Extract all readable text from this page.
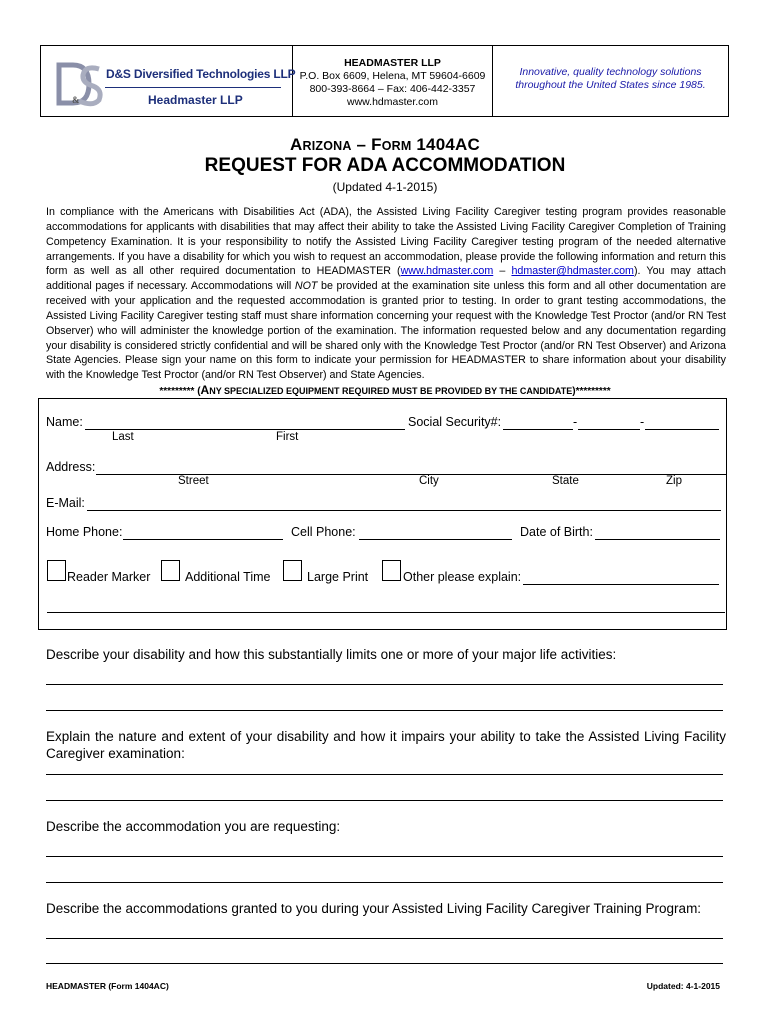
&
D&S Diversified Technologies LLP
Headmaster LLP
HEADMASTER LLP
P.O. Box 6609, Helena, MT 59604-6609
800-393-8664 – Fax: 406-442-3357
www.hdmaster.com
Innovative, quality technology solutions
throughout the United States since 1985.
ARIZONA – FORM 1404AC
REQUEST FOR ADA ACCOMMODATION
(Updated 4-1-2015)

In compliance with the Americans with Disabilities Act (ADA), the Assisted Living Facility Caregiver testing program provides reasonable accommodations for applicants with disabilities that may affect their ability to take the Assisted Living Facility Caregiver Completion of Training Competency Examination. It is your responsibility to notify the Assisted Living Facility Caregiver testing program of the needed alternative arrangements. If you have a disability for which you wish to request an accommodation, please provide the following information and return this form as well as all other required documentation to HEADMASTER (www.hdmaster.com – hdmaster@hdmaster.com). You may attach additional pages if necessary. Accommodations will NOT be provided at the examination site unless this form and all other documentation are received with your application and the requested accommodation is granted prior to testing. In order to grant testing accommodations, the Assisted Living Facility Caregiver testing staff must share information concerning your request with the Knowledge Test Proctor (and/or RN Test Observer) who will administer the knowledge portion of the examination. The information requested below and any documentation regarding your disability is considered strictly confidential and will be shared only with the Knowledge Test Proctor (and/or RN Test Observer) and Arizona State Agencies. Please sign your name on this form to indicate your permission for HEADMASTER to share information about your disability with the Knowledge Test Proctor (and/or RN Test Observer) and State Agencies.

********* (ANY SPECIALIZED EQUIPMENT REQUIRED MUST BE PROVIDED BY THE CANDIDATE)*********
Name:
Last	First
Social Security#:	-	-
Address:
Street	City	State	Zip
E-Mail:
Home Phone:	Cell Phone:	Date of Birth:
Reader Marker	Additional Time	Large Print	Other please explain:
Describe your disability and how this substantially limits one or more of your major life activities:
Explain the nature and extent of your disability and how it impairs your ability to take the Assisted Living Facility Caregiver examination:
Describe the accommodation you are requesting:
Describe the accommodations granted to you during your Assisted Living Facility Caregiver Training Program:
HEADMASTER (Form 1404AC)	Updated: 4-1-2015
